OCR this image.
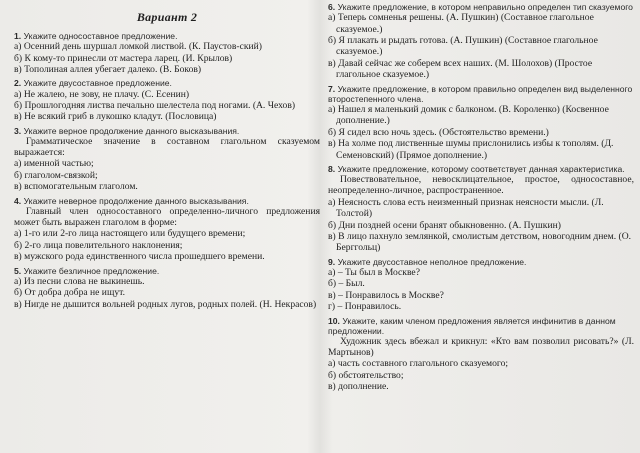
Вариант 2

1. Укажите односоставное предложение.

а) Осенний день шуршал ломкой листвой. (К. Паустов-ский)

б) К кому-то принесли от мастера ларец. (И. Крылов)

в) Тополиная аллея убегает далеко. (В. Боков)

2. Укажите двусоставное предложение.

а) Не жалею, не зову, не плачу. (С. Есенин)

б) Прошлогодняя листва печально шелестела под ногами. (А. Чехов)

в) Не всякий гриб в лукошко кладут. (Пословица)

3. Укажите верное продолжение данного высказывания.

Грамматическое значение в составном глагольном сказуемом выражается:

а) именной частью;

б) глаголом-связкой;

в) вспомогательным глаголом.

4. Укажите неверное продолжение данного высказывания.

Главный член односоставного определенно-личного предложения может быть выражен глаголом в форме:

а) 1-го или 2-го лица настоящего или будущего времени;

б) 2-го лица повелительного наклонения;

в) мужского рода единственного числа прошедшего времени.

5. Укажите безличное предложение.

а) Из песни слова не выкинешь.

б) От добра добра не ищут.

в) Нигде не дышится вольней родных лугов, родных полей. (Н. Некрасов)

6. Укажите предложение, в котором неправильно определен тип сказуемого

а) Теперь сомненья решены. (А. Пушкин) (Составное глагольное сказуемое.)

б) Я плакать и рыдать готова. (А. Пушкин) (Составное глагольное сказуемое.)

в) Давай сейчас же соберем всех наших. (М. Шолохов) (Простое глагольное сказуемое.)

7. Укажите предложение, в котором правильно определен вид выделенного второстепенного члена.

а) Нашел я маленький домик с балконом. (В. Короленко) (Косвенное дополнение.)

б) Я сидел всю ночь здесь. (Обстоятельство времени.)

в) На холме под лиственные шумы прислонились избы к тополям. (Д. Семеновский) (Прямое дополнение.)

8. Укажите предложение, которому соответствует данная характеристика.

Повествовательное, невосклицательное, простое, односоставное, неопределенно-личное, распространенное.

а) Неясность слова есть неизменный признак неясности мысли. (Л. Толстой)

б) Дни поздней осени бранят обыкновенно. (А. Пушкин)

в) В лицо пахнуло землянкой, смолистым детством, новогодним днем. (О. Берггольц)

9. Укажите двусоставное неполное предложение.

а) – Ты был в Москве?

б) – Был.

в) – Понравилось в Москве?

г) – Понравилось.

10. Укажите, каким членом предложения является инфинитив в данном предложении.

Художник здесь вбежал и крикнул: «Кто вам позволил рисовать?» (Л. Мартынов)

а) часть составного глагольного сказуемого;

б) обстоятельство;

в) дополнение.
